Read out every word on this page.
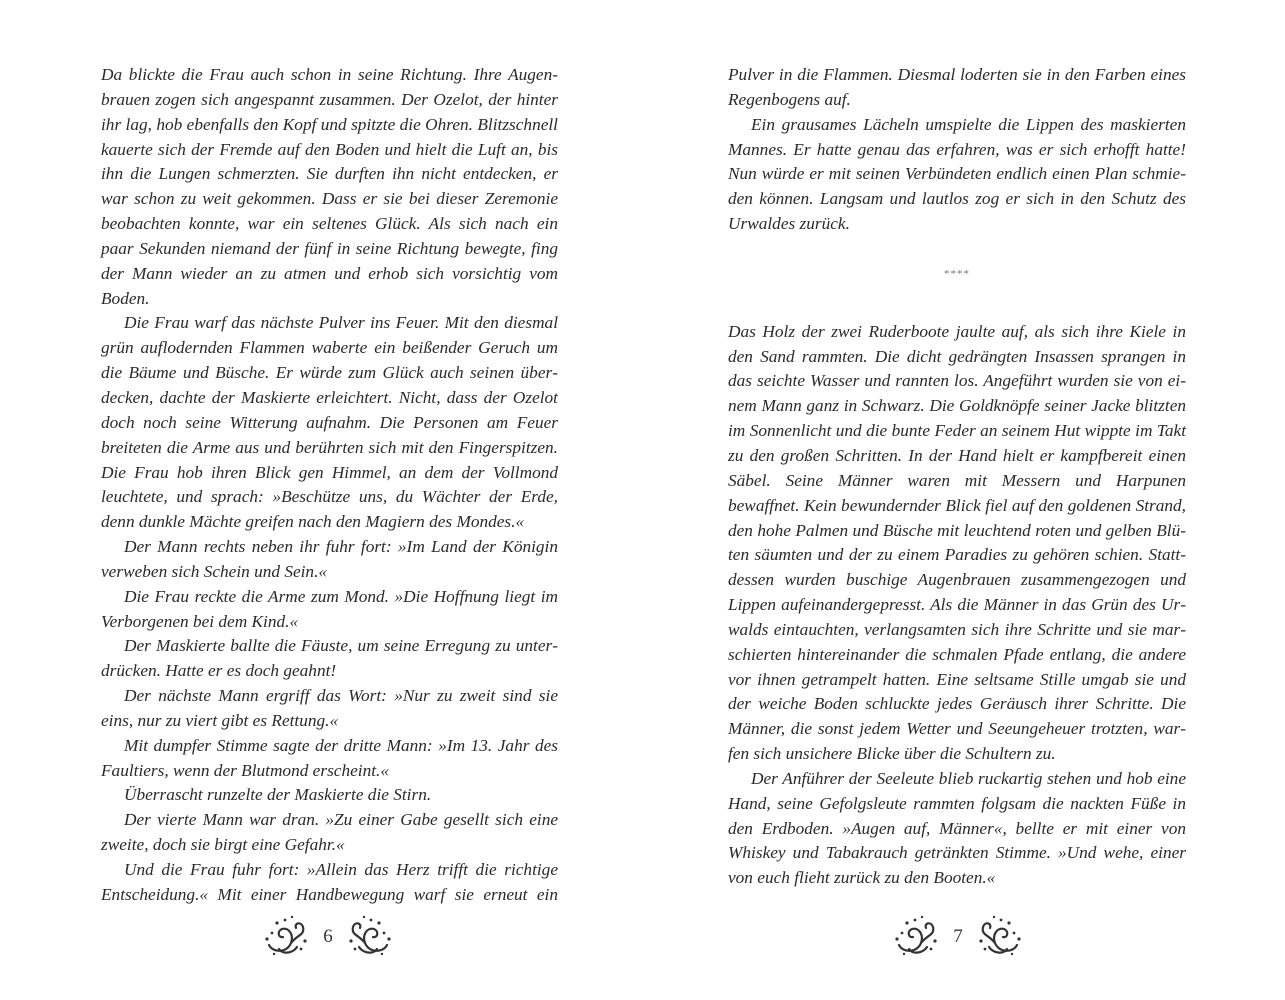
Da blickte die Frau auch schon in seine Richtung. Ihre Augenbrauen zogen sich angespannt zusammen. Der Ozelot, der hinter ihr lag, hob ebenfalls den Kopf und spitzte die Ohren. Blitzschnell kauerte sich der Fremde auf den Boden und hielt die Luft an, bis ihn die Lungen schmerzten. Sie durften ihn nicht entdecken, er war schon zu weit gekommen. Dass er sie bei dieser Zeremonie beobachten konnte, war ein seltenes Glück. Als sich nach ein paar Sekunden niemand der fünf in seine Richtung bewegte, fing der Mann wieder an zu atmen und erhob sich vorsichtig vom Boden.

Die Frau warf das nächste Pulver ins Feuer. Mit den diesmal grün auflodernden Flammen waberte ein beißender Geruch um die Bäume und Büsche. Er würde zum Glück auch seinen überdecken, dachte der Maskierte erleichtert. Nicht, dass der Ozelot doch noch seine Witterung aufnahm. Die Personen am Feuer breiteten die Arme aus und berührten sich mit den Fingerspitzen. Die Frau hob ihren Blick gen Himmel, an dem der Vollmond leuchtete, und sprach: »Beschütze uns, du Wächter der Erde, denn dunkle Mächte greifen nach den Magiern des Mondes.«

Der Mann rechts neben ihr fuhr fort: »Im Land der Königin verweben sich Schein und Sein.«

Die Frau reckte die Arme zum Mond. »Die Hoffnung liegt im Verborgenen bei dem Kind.«

Der Maskierte ballte die Fäuste, um seine Erregung zu unterdrücken. Hatte er es doch geahnt!

Der nächste Mann ergriff das Wort: »Nur zu zweit sind sie eins, nur zu viert gibt es Rettung.«

Mit dumpfer Stimme sagte der dritte Mann: »Im 13. Jahr des Faultiers, wenn der Blutmond erscheint.«

Überrascht runzelte der Maskierte die Stirn.

Der vierte Mann war dran. »Zu einer Gabe gesellt sich eine zweite, doch sie birgt eine Gefahr.«

Und die Frau fuhr fort: »Allein das Herz trifft die richtige Entscheidung.« Mit einer Handbewegung warf sie erneut ein

6

Pulver in die Flammen. Diesmal loderten sie in den Farben eines Regenbogens auf.

Ein grausames Lächeln umspielte die Lippen des maskierten Mannes. Er hatte genau das erfahren, was er sich erhofft hatte! Nun würde er mit seinen Verbündeten endlich einen Plan schmieden können. Langsam und lautlos zog er sich in den Schutz des Urwaldes zurück.

****

Das Holz der zwei Ruderboote jaulte auf, als sich ihre Kiele in den Sand rammten. Die dicht gedrängten Insassen sprangen in das seichte Wasser und rannten los. Angeführt wurden sie von einem Mann ganz in Schwarz. Die Goldknöpfe seiner Jacke blitzten im Sonnenlicht und die bunte Feder an seinem Hut wippte im Takt zu den großen Schritten. In der Hand hielt er kampfbereit einen Säbel. Seine Männer waren mit Messern und Harpunen bewaffnet. Kein bewundernder Blick fiel auf den goldenen Strand, den hohe Palmen und Büsche mit leuchtend roten und gelben Blüten säumten und der zu einem Paradies zu gehören schien. Stattdessen wurden buschige Augenbrauen zusammengezogen und Lippen aufeinandergepresst. Als die Männer in das Grün des Urwalds eintauchten, verlangsamten sich ihre Schritte und sie marschierten hintereinander die schmalen Pfade entlang, die andere vor ihnen getrampelt hatten. Eine seltsame Stille umgab sie und der weiche Boden schluckte jedes Geräusch ihrer Schritte. Die Männer, die sonst jedem Wetter und Seeungeheuer trotzten, warfen sich unsichere Blicke über die Schultern zu.

Der Anführer der Seeleute blieb ruckartig stehen und hob eine Hand, seine Gefolgsleute rammten folgsam die nackten Füße in den Erdboden. »Augen auf, Männer«, bellte er mit einer von Whiskey und Tabakrauch getränkten Stimme. »Und wehe, einer von euch flieht zurück zu den Booten.«

7
